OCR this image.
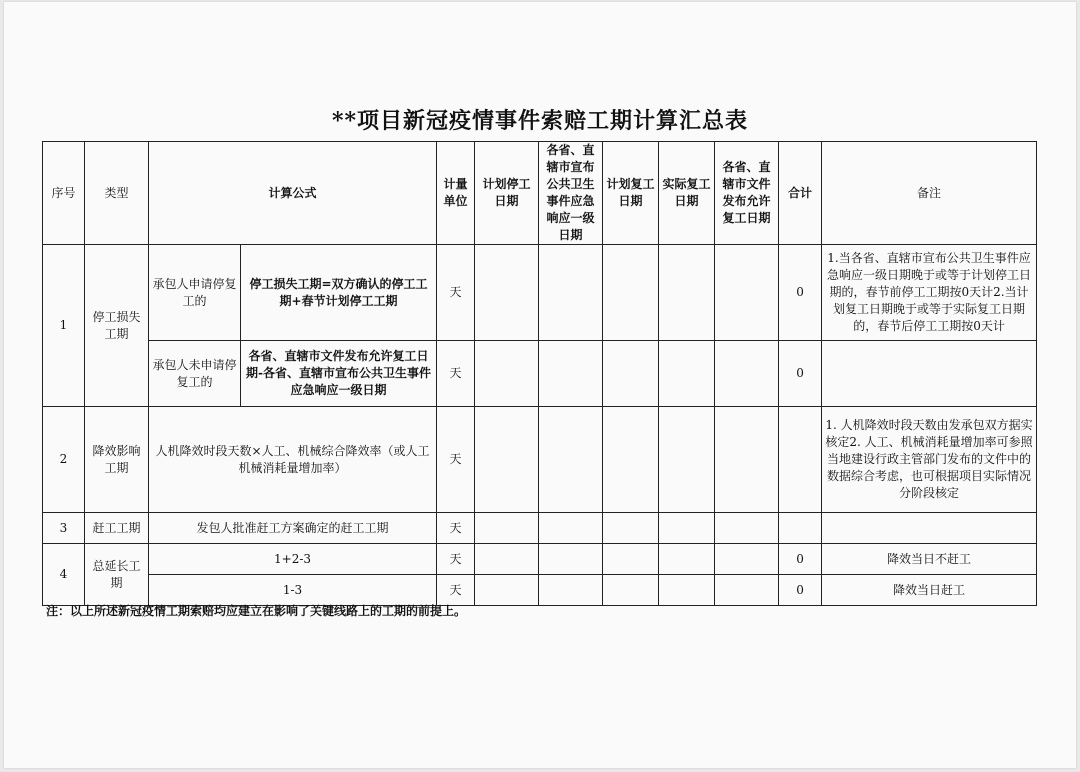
**项目新冠疫情事件索赔工期计算汇总表
序号	类型	计算公式		计量单位	计划停工日期	各省、直辖市宣布公共卫生事件应急响应一级日期	计划复工日期	实际复工日期	各省、直辖市文件发布允许复工日期	合计	备注
1	停工损失工期	承包人申请停复工的	停工损失工期=双方确认的停工工期+春节计划停工工期	天						0	1.当各省、直辖市宣布公共卫生事件应急响应一级日期晚于或等于计划停工日期的，春节前停工工期按0天计2.当计划复工日期晚于或等于实际复工日期的，春节后停工工期按0天计
		承包人未申请停复工的	各省、直辖市文件发布允许复工日期-各省、直辖市宣布公共卫生事件应急响应一级日期	天						0	
2	降效影响工期	人机降效时段天数×人工、机械综合降效率（或人工机械消耗量增加率）		天							1. 人机降效时段天数由发承包双方据实核定2. 人工、机械消耗量增加率可参照当地建设行政主管部门发布的文件中的数据综合考虑，也可根据项目实际情况分阶段核定
3	赶工工期	发包人批准赶工方案确定的赶工工期		天							
4	总延长工期	1+2-3		天						0	降效当日不赶工
		1-3		天						0	降效当日赶工
注：以上所述新冠疫情工期索赔均应建立在影响了关键线路上的工期的前提上。
